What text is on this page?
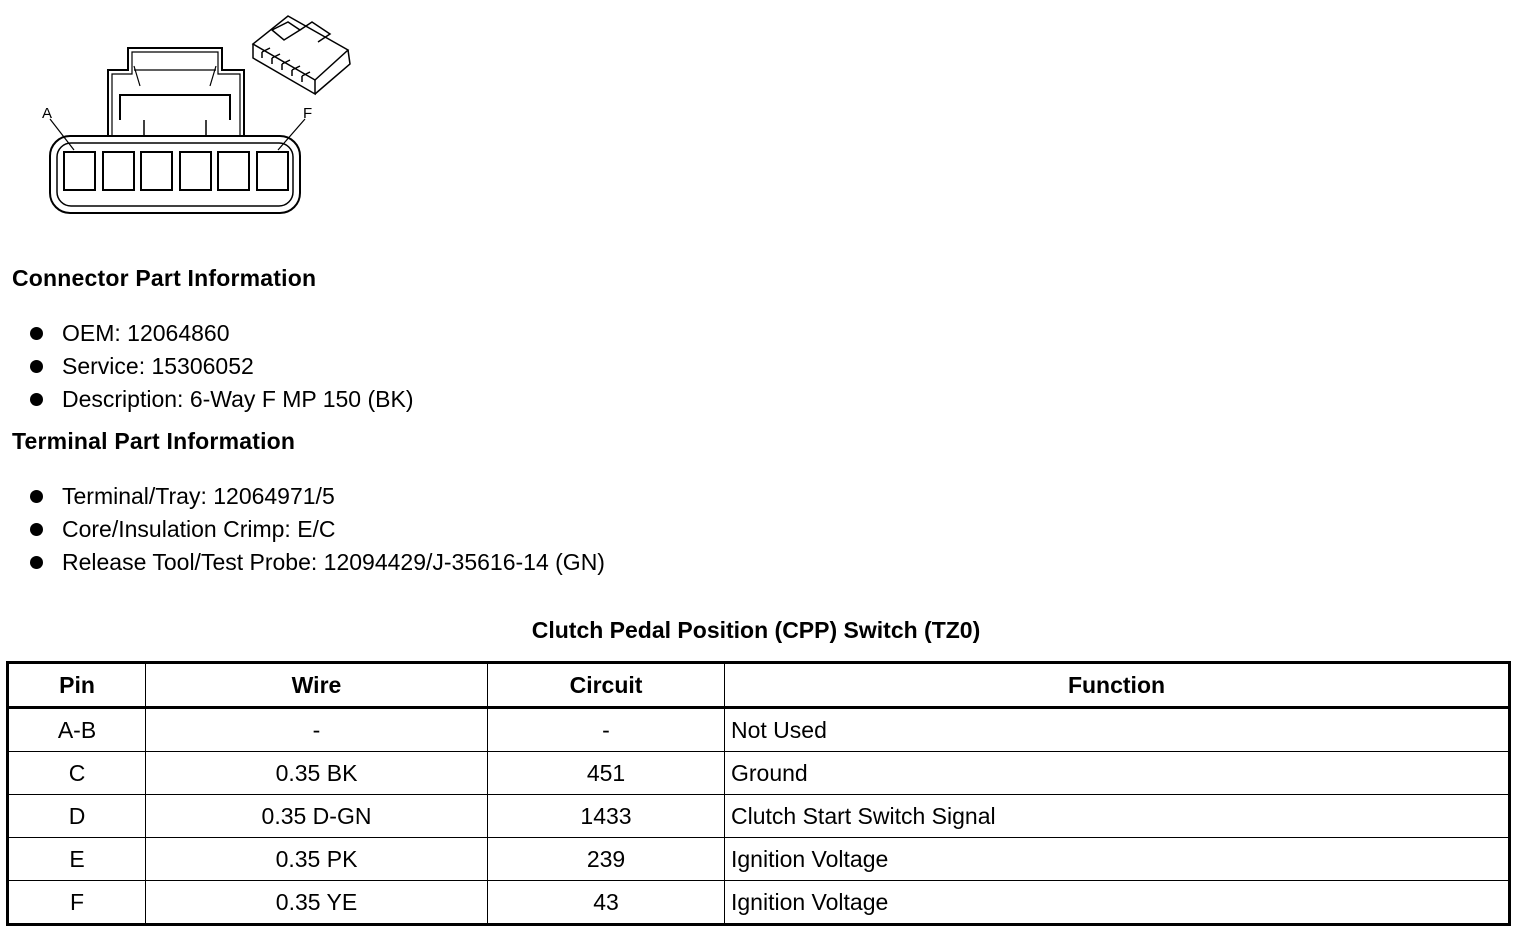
A	F
Connector Part Information
OEM: 12064860
Service: 15306052
Description: 6-Way F MP 150 (BK)
Terminal Part Information
Terminal/Tray: 12064971/5
Core/Insulation Crimp: E/C
Release Tool/Test Probe: 12094429/J-35616-14 (GN)
Clutch Pedal Position (CPP) Switch (TZ0)
Pin	Wire	Circuit	Function
A-B	-	-	Not Used
C	0.35 BK	451	Ground
D	0.35 D-GN	1433	Clutch Start Switch Signal
E	0.35 PK	239	Ignition Voltage
F	0.35 YE	43	Ignition Voltage
